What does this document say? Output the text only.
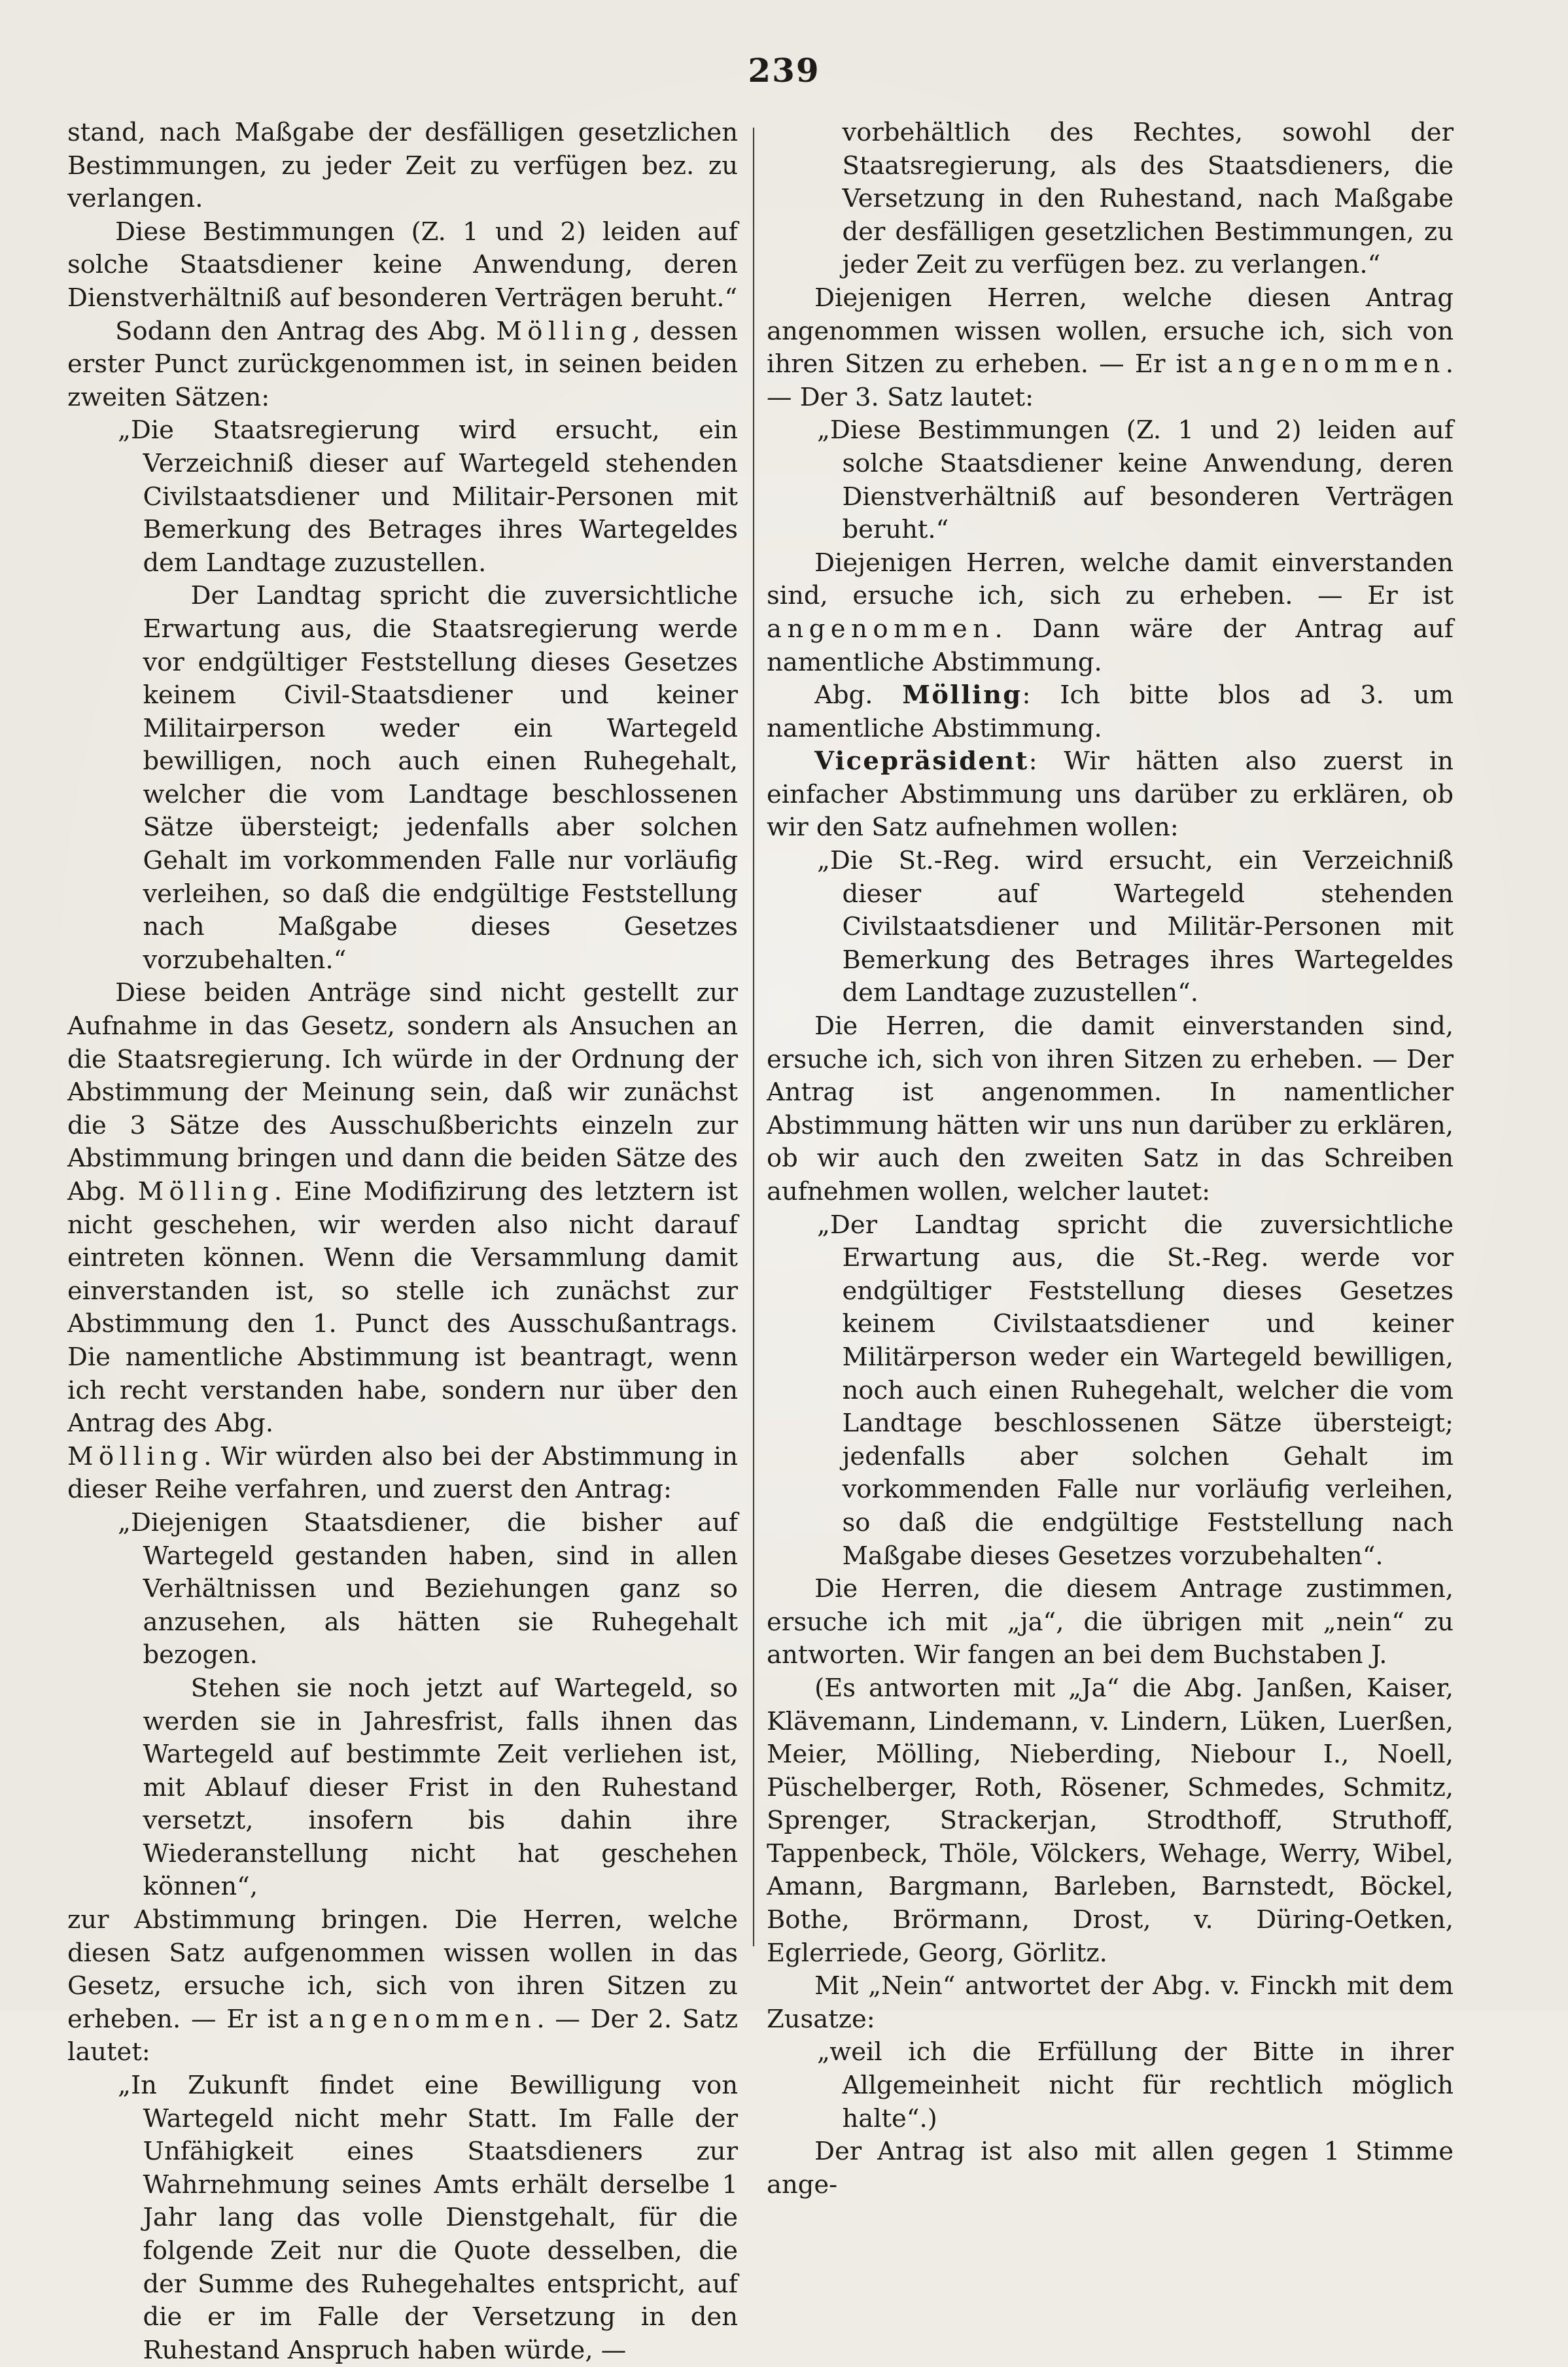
239

stand, nach Maßgabe der desfälligen gesetzlichen Bestimmungen, zu jeder Zeit zu verfügen bez. zu verlangen.

Diese Bestimmungen (Z. 1 und 2) leiden auf solche Staatsdiener keine Anwendung, deren Dienstverhältniß auf besonderen Verträgen beruht.“

Sodann den Antrag des Abg. Mölling, dessen erster Punct zurückgenommen ist, in seinen beiden zweiten Sätzen:

„Die Staatsregierung wird ersucht, ein Verzeichniß dieser auf Wartegeld stehenden Civilstaatsdiener und Militair-Personen mit Bemerkung des Betrages ihres Wartegeldes dem Landtage zuzustellen.

Der Landtag spricht die zuversichtliche Erwartung aus, die Staatsregierung werde vor endgültiger Feststellung dieses Gesetzes keinem Civil-Staatsdiener und keiner Militairperson weder ein Wartegeld bewilligen, noch auch einen Ruhegehalt, welcher die vom Landtage beschlossenen Sätze übersteigt; jedenfalls aber solchen Gehalt im vorkommenden Falle nur vorläufig verleihen, so daß die endgültige Feststellung nach Maßgabe dieses Gesetzes vorzubehalten.“

Diese beiden Anträge sind nicht gestellt zur Aufnahme in das Gesetz, sondern als Ansuchen an die Staatsregierung. Ich würde in der Ordnung der Abstimmung der Meinung sein, daß wir zunächst die 3 Sätze des Ausschußberichts einzeln zur Abstimmung bringen und dann die beiden Sätze des Abg. Mölling. Eine Modifizirung des letztern ist nicht geschehen, wir werden also nicht darauf eintreten können. Wenn die Versammlung damit einverstanden ist, so stelle ich zunächst zur Abstimmung den 1. Punct des Ausschußantrags. Die namentliche Abstimmung ist beantragt, wenn ich recht verstanden habe, sondern nur über den Antrag des Abg.

Mölling. Wir würden also bei der Abstimmung in dieser Reihe verfahren, und zuerst den Antrag:

„Diejenigen Staatsdiener, die bisher auf Wartegeld gestanden haben, sind in allen Verhältnissen und Beziehungen ganz so anzusehen, als hätten sie Ruhegehalt bezogen.

Stehen sie noch jetzt auf Wartegeld, so werden sie in Jahresfrist, falls ihnen das Wartegeld auf bestimmte Zeit verliehen ist, mit Ablauf dieser Frist in den Ruhestand versetzt, insofern bis dahin ihre Wiederanstellung nicht hat geschehen können“,

zur Abstimmung bringen. Die Herren, welche diesen Satz aufgenommen wissen wollen in das Gesetz, ersuche ich, sich von ihren Sitzen zu erheben. — Er ist angenommen. — Der 2. Satz lautet:

„In Zukunft findet eine Bewilligung von Wartegeld nicht mehr Statt. Im Falle der Unfähigkeit eines Staatsdieners zur Wahrnehmung seines Amts erhält derselbe 1 Jahr lang das volle Dienstgehalt, für die folgende Zeit nur die Quote desselben, die der Summe des Ruhegehaltes entspricht, auf die er im Falle der Versetzung in den Ruhestand Anspruch haben würde, —

vorbehältlich des Rechtes, sowohl der Staatsregierung, als des Staatsdieners, die Versetzung in den Ruhestand, nach Maßgabe der desfälligen gesetzlichen Bestimmungen, zu jeder Zeit zu verfügen bez. zu verlangen.“

Diejenigen Herren, welche diesen Antrag angenommen wissen wollen, ersuche ich, sich von ihren Sitzen zu erheben. — Er ist angenommen. — Der 3. Satz lautet:

„Diese Bestimmungen (Z. 1 und 2) leiden auf solche Staatsdiener keine Anwendung, deren Dienstverhältniß auf besonderen Verträgen beruht.“

Diejenigen Herren, welche damit einverstanden sind, ersuche ich, sich zu erheben. — Er ist angenommen. Dann wäre der Antrag auf namentliche Abstimmung.

Abg. Mölling: Ich bitte blos ad 3. um namentliche Abstimmung.

Vicepräsident: Wir hätten also zuerst in einfacher Abstimmung uns darüber zu erklären, ob wir den Satz aufnehmen wollen:

„Die St.-Reg. wird ersucht, ein Verzeichniß dieser auf Wartegeld stehenden Civilstaatsdiener und Militär-Personen mit Bemerkung des Betrages ihres Wartegeldes dem Landtage zuzustellen“.

Die Herren, die damit einverstanden sind, ersuche ich, sich von ihren Sitzen zu erheben. — Der Antrag ist angenommen. In namentlicher Abstimmung hätten wir uns nun darüber zu erklären, ob wir auch den zweiten Satz in das Schreiben aufnehmen wollen, welcher lautet:

„Der Landtag spricht die zuversichtliche Erwartung aus, die St.-Reg. werde vor endgültiger Feststellung dieses Gesetzes keinem Civilstaatsdiener und keiner Militärperson weder ein Wartegeld bewilligen, noch auch einen Ruhegehalt, welcher die vom Landtage beschlossenen Sätze übersteigt; jedenfalls aber solchen Gehalt im vorkommenden Falle nur vorläufig verleihen, so daß die endgültige Feststellung nach Maßgabe dieses Gesetzes vorzubehalten“.

Die Herren, die diesem Antrage zustimmen, ersuche ich mit „ja“, die übrigen mit „nein“ zu antworten. Wir fangen an bei dem Buchstaben J.

(Es antworten mit „Ja“ die Abg. Janßen, Kaiser, Klävemann, Lindemann, v. Lindern, Lüken, Luerßen, Meier, Mölling, Nieberding, Niebour I., Noell, Püschelberger, Roth, Rösener, Schmedes, Schmitz, Sprenger, Strackerjan, Strodthoff, Struthoff, Tappenbeck, Thöle, Völckers, Wehage, Werry, Wibel, Amann, Bargmann, Barleben, Barnstedt, Böckel, Bothe, Brörmann, Drost, v. Düring-Oetken, Eglerriede, Georg, Görlitz.

Mit „Nein“ antwortet der Abg. v. Finckh mit dem Zusatze:

„weil ich die Erfüllung der Bitte in ihrer Allgemeinheit nicht für rechtlich möglich halte“.)

Der Antrag ist also mit allen gegen 1 Stimme ange-
